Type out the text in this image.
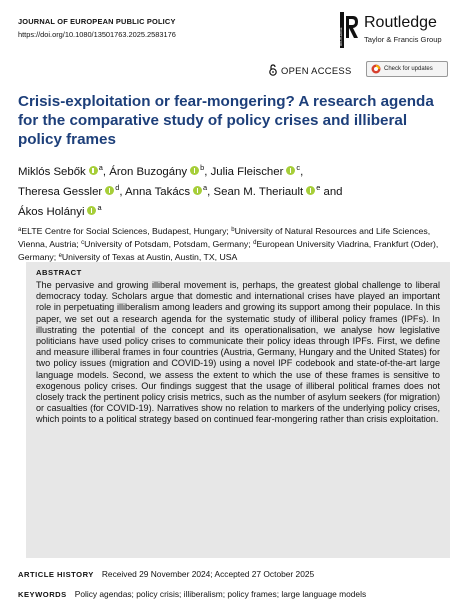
JOURNAL OF EUROPEAN PUBLIC POLICY
https://doi.org/10.1080/13501763.2025.2583176	ROUTLEDGE
Routledge
Taylor & Francis Group
OPEN ACCESS	Check for updates
Crisis-exploitation or fear-mongering? A research agenda for the comparative study of policy crises and illiberal policy frames
Miklós Sebők $^a$, Áron Buzogány $^b$, Julia Fleischer $^c$,
Theresa Gessler $^d$, Anna Takács $^a$, Sean M. Theriault $^e$ and
Ákos Holányi $^a$
$^a$ELTE Centre for Social Sciences, Budapest, Hungary; $^b$University of Natural Resources and Life Sciences, Vienna, Austria; $^c$University of Potsdam, Potsdam, Germany; $^d$European University Viadrina, Frankfurt (Oder), Germany; $^e$University of Texas at Austin, Austin, TX, USA
ABSTRACT
The pervasive and growing illiberal movement is, perhaps, the greatest global challenge to liberal democracy today. Scholars argue that domestic and international crises have played an important role in perpetuating illiberalism among leaders and growing its support among their populace. In this paper, we set out a research agenda for the systematic study of illiberal policy frames (IPFs). In illustrating the potential of the concept and its operationalisation, we analyse how legislative politicians have used policy crises to communicate their policy ideas through IPFs. First, we define and measure illiberal frames in four countries (Austria, Germany, Hungary and the United States) for two policy issues (migration and COVID-19) using a novel IPF codebook and state-of-the-art large language models. Second, we assess the extent to which the use of these frames is sensitive to exogenous policy crises. Our findings suggest that the usage of illiberal political frames does not closely track the pertinent policy crisis metrics, such as the number of asylum seekers (for migration) or casualties (for COVID-19). Narratives show no relation to markers of the underlying policy crises, which points to a political strategy based on continued fear-mongering rather than crisis exploitation.
ARTICLE HISTORY Received 29 November 2024; Accepted 27 October 2025
KEYWORDS Policy agendas; policy crisis; illiberalism; policy frames; large language models
